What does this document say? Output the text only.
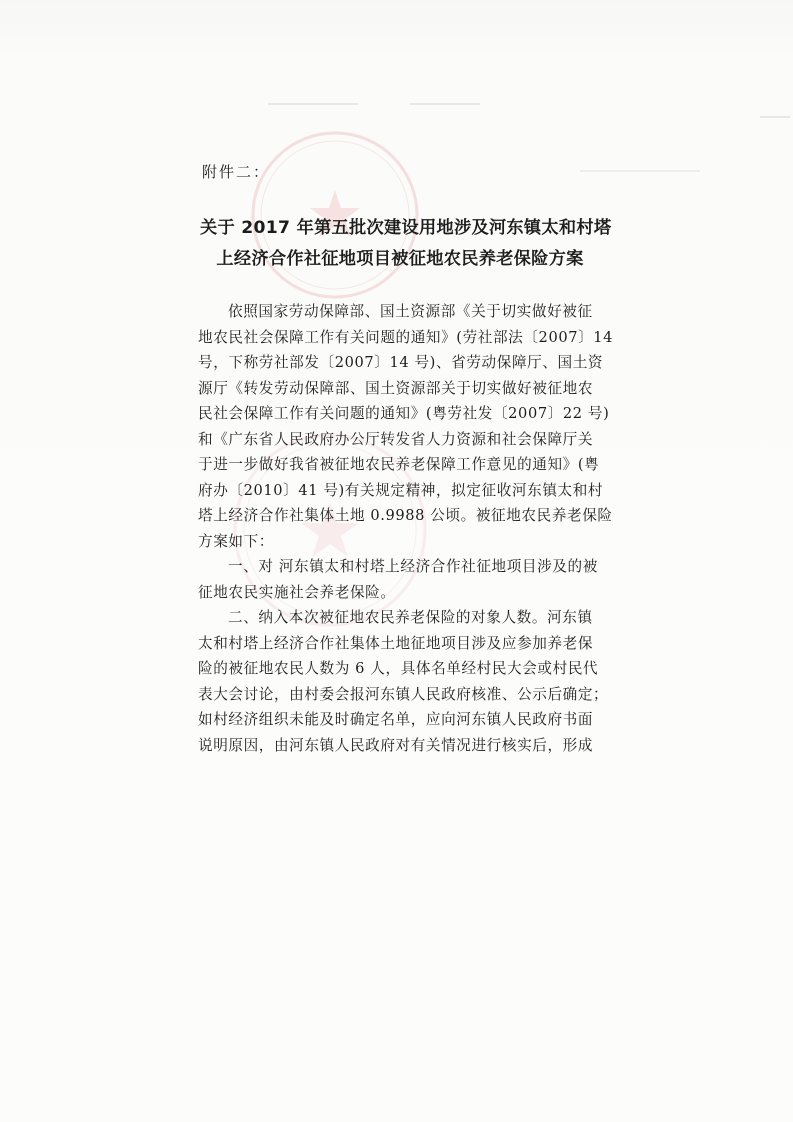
附件二：
关于 2017 年第五批次建设用地涉及河东镇太和村塔
上经济合作社征地项目被征地农民养老保险方案
依照国家劳动保障部、国土资源部《关于切实做好被征
地农民社会保障工作有关问题的通知》(劳社部法〔2007〕14
号，下称劳社部发〔2007〕14 号)、省劳动保障厅、国土资
源厅《转发劳动保障部、国土资源部关于切实做好被征地农
民社会保障工作有关问题的通知》(粤劳社发〔2007〕22 号)
和《广东省人民政府办公厅转发省人力资源和社会保障厅关
于进一步做好我省被征地农民养老保障工作意见的通知》(粤
府办〔2010〕41 号)有关规定精神，拟定征收河东镇太和村
塔上经济合作社集体土地 0.9988 公顷。被征地农民养老保险
方案如下：
一、对 河东镇太和村塔上经济合作社征地项目涉及的被
征地农民实施社会养老保险。
二、纳入本次被征地农民养老保险的对象人数。河东镇
太和村塔上经济合作社集体土地征地项目涉及应参加养老保
险的被征地农民人数为 6 人，具体名单经村民大会或村民代
表大会讨论，由村委会报河东镇人民政府核准、公示后确定；
如村经济组织未能及时确定名单，应向河东镇人民政府书面
说明原因，由河东镇人民政府对有关情况进行核实后，形成
